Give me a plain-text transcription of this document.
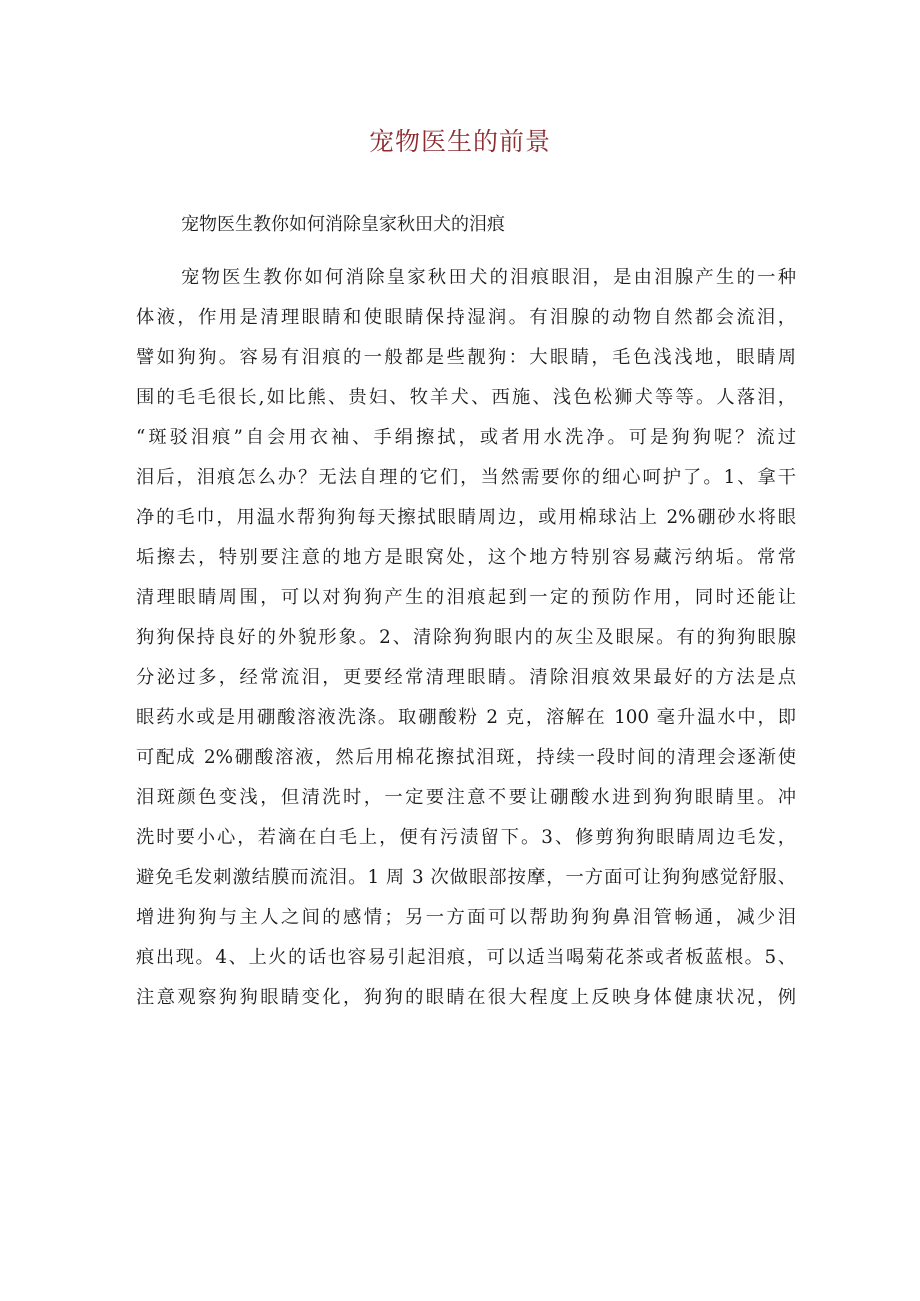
宠物医生的前景
宠物医生教你如何消除皇家秋田犬的泪痕
宠物医生教你如何消除皇家秋田犬的泪痕眼泪，是由泪腺产生的一种
体液，作用是清理眼睛和使眼睛保持湿润。有泪腺的动物自然都会流泪，
譬如狗狗。容易有泪痕的一般都是些靓狗：大眼睛，毛色浅浅地，眼睛周
围的毛毛很长,如比熊、贵妇、牧羊犬、西施、浅色松狮犬等等。人落泪，
“斑驳泪痕”自会用衣袖、手绢擦拭，或者用水洗净。可是狗狗呢？流过
泪后，泪痕怎么办？无法自理的它们，当然需要你的细心呵护了。1、拿干
净的毛巾，用温水帮狗狗每天擦拭眼睛周边，或用棉球沾上 2%硼砂水将眼
垢擦去，特别要注意的地方是眼窝处，这个地方特别容易藏污纳垢。常常
清理眼睛周围，可以对狗狗产生的泪痕起到一定的预防作用，同时还能让
狗狗保持良好的外貌形象。2、清除狗狗眼内的灰尘及眼屎。有的狗狗眼腺
分泌过多，经常流泪，更要经常清理眼睛。清除泪痕效果最好的方法是点
眼药水或是用硼酸溶液洗涤。取硼酸粉 2 克，溶解在 100 毫升温水中，即
可配成 2%硼酸溶液，然后用棉花擦拭泪斑，持续一段时间的清理会逐渐使
泪斑颜色变浅，但清洗时，一定要注意不要让硼酸水进到狗狗眼睛里。冲
洗时要小心，若滴在白毛上，便有污渍留下。3、修剪狗狗眼睛周边毛发，
避免毛发刺激结膜而流泪。1 周 3 次做眼部按摩，一方面可让狗狗感觉舒服、
增进狗狗与主人之间的感情；另一方面可以帮助狗狗鼻泪管畅通，减少泪
痕出现。4、上火的话也容易引起泪痕，可以适当喝菊花茶或者板蓝根。5、
注意观察狗狗眼睛变化，狗狗的眼睛在很大程度上反映身体健康状况，例
